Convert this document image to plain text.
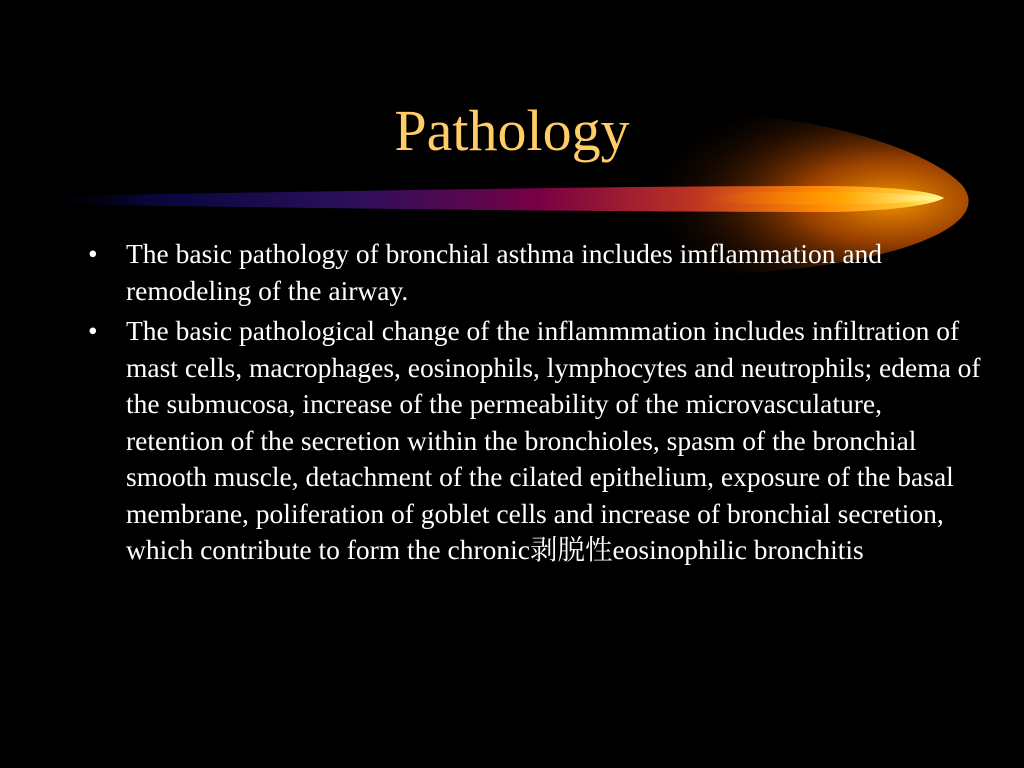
Pathology
• The basic pathology of bronchial asthma includes imflammation and remodeling of the airway.
• The basic pathological change of the inflammmation includes infiltration of mast cells, macrophages, eosinophils, lymphocytes and neutrophils; edema of the submucosa, increase of the permeability of the microvasculature, retention of the secretion within the bronchioles, spasm of the bronchial smooth muscle, detachment of the cilated epithelium, exposure of the basal membrane, poliferation of goblet cells and increase of bronchial secretion, which contribute to form the chronic剥脱性eosinophilic bronchitis
